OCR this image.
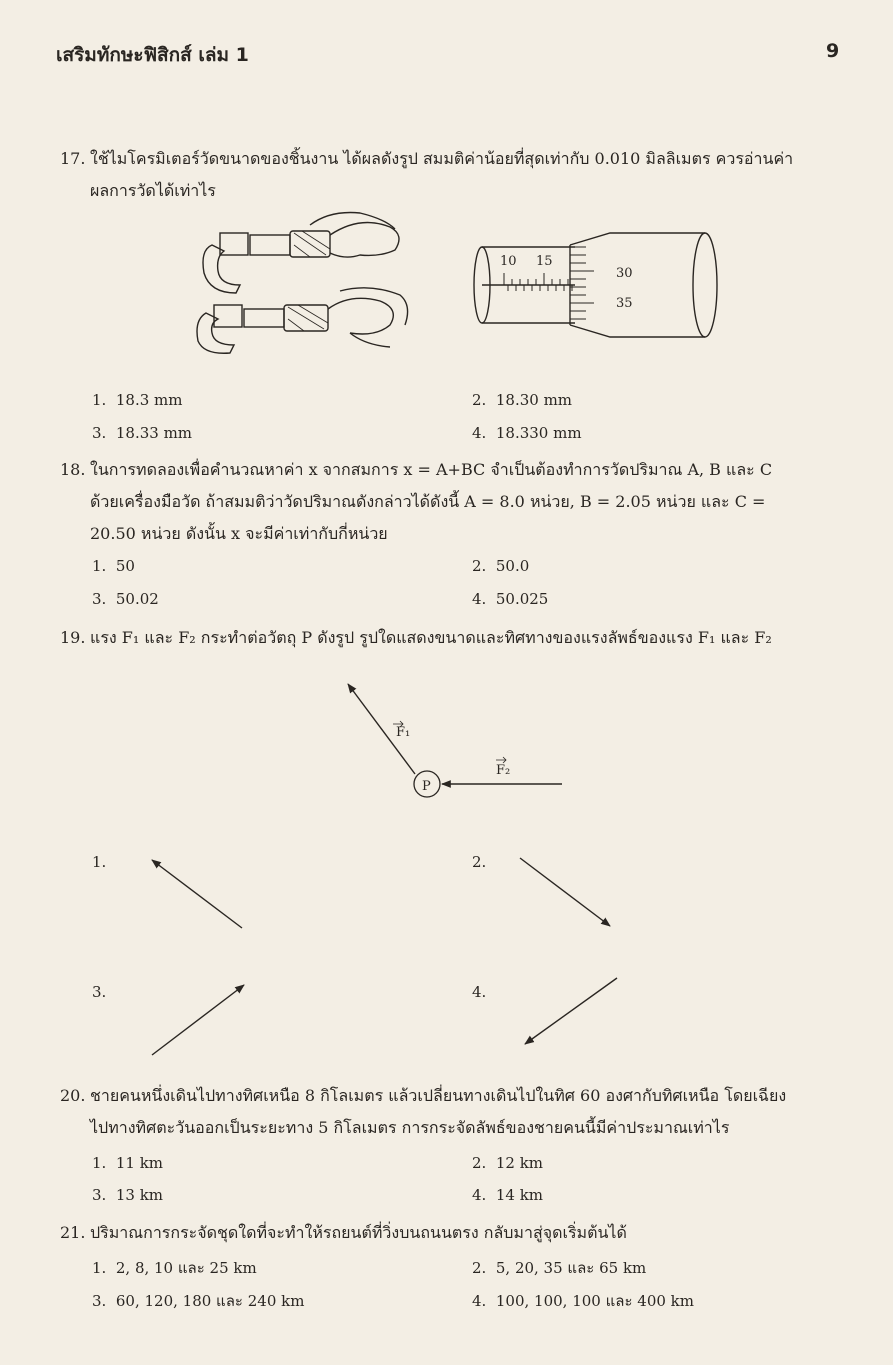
เสริมทักษะฟิสิกส์ เล่ม 1	9
17. ใช้ไมโครมิเตอร์วัดขนาดของชิ้นงาน ได้ผลดังรูป สมมติค่าน้อยที่สุดเท่ากับ 0.010 มิลลิเมตร ควรอ่านค่า
ผลการวัดได้เท่าไร
10 15
30
35
1. 18.3 mm	2. 18.30 mm
3. 18.33 mm	4. 18.330 mm
18. ในการทดลองเพื่อคำนวณหาค่า x จากสมการ x = A+BC จำเป็นต้องทำการวัดปริมาณ A, B และ C
ด้วยเครื่องมือวัด ถ้าสมมติว่าวัดปริมาณดังกล่าวได้ดังนี้ A = 8.0 หน่วย, B = 2.05 หน่วย และ C =
20.50 หน่วย ดังนั้น x จะมีค่าเท่ากับกี่หน่วย
1. 50	2. 50.0
3. 50.02	4. 50.025
19. แรง F₁ และ F₂ กระทำต่อวัตถุ P ดังรูป รูปใดแสดงขนาดและทิศทางของแรงลัพธ์ของแรง F₁ และ F₂
P
F₁
F₂
1.	2.
3.	4.
20. ชายคนหนึ่งเดินไปทางทิศเหนือ 8 กิโลเมตร แล้วเปลี่ยนทางเดินไปในทิศ 60 องศากับทิศเหนือ โดยเฉียง
ไปทางทิศตะวันออกเป็นระยะทาง 5 กิโลเมตร การกระจัดลัพธ์ของชายคนนี้มีค่าประมาณเท่าไร
1. 11 km	2. 12 km
3. 13 km	4. 14 km
21. ปริมาณการกระจัดชุดใดที่จะทำให้รถยนต์ที่วิ่งบนถนนตรง กลับมาสู่จุดเริ่มต้นได้
1. 2, 8, 10 และ 25 km	2. 5, 20, 35 และ 65 km
3. 60, 120, 180 และ 240 km	4. 100, 100, 100 และ 400 km
